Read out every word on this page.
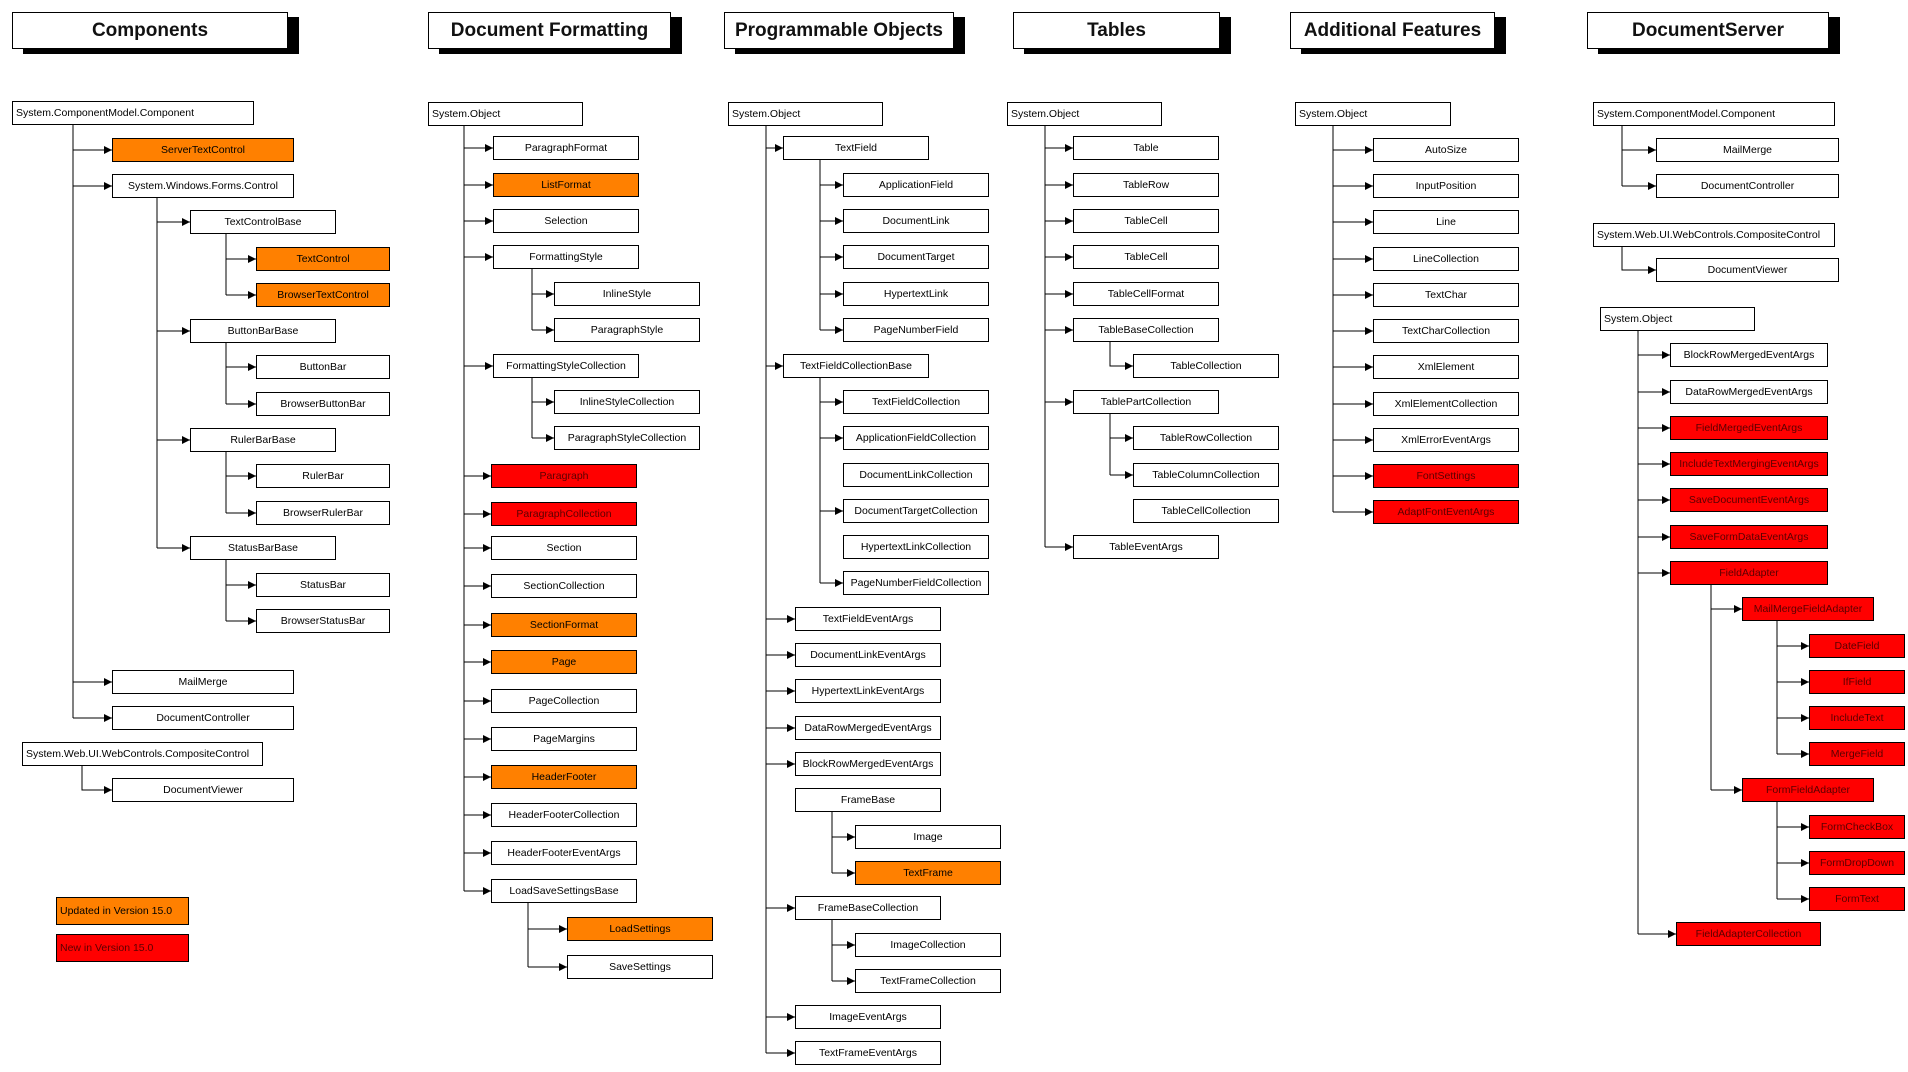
Components	Document Formatting	Programmable Objects	Tables	Additional Features	DocumentServer
System.ComponentModel.Component
ServerTextControl
System.Windows.Forms.Control
TextControlBase
TextControl
BrowserTextControl
ButtonBarBase
ButtonBar
BrowserButtonBar
RulerBarBase
RulerBar
BrowserRulerBar
StatusBarBase
StatusBar
BrowserStatusBar
MailMerge
DocumentController
System.Web.UI.WebControls.CompositeControl
DocumentViewer
Updated in Version 15.0
New in Version 15.0
System.Object
ParagraphFormat
ListFormat
Selection
FormattingStyle
InlineStyle
ParagraphStyle
FormattingStyleCollection
InlineStyleCollection
ParagraphStyleCollection
Paragraph
ParagraphCollection
Section
SectionCollection
SectionFormat
Page
PageCollection
PageMargins
HeaderFooter
HeaderFooterCollection
HeaderFooterEventArgs
LoadSaveSettingsBase
LoadSettings
SaveSettings
System.Object
TextField
ApplicationField
DocumentLink
DocumentTarget
HypertextLink
PageNumberField
TextFieldCollectionBase
TextFieldCollection
ApplicationFieldCollection
DocumentLinkCollection
DocumentTargetCollection
HypertextLinkCollection
PageNumberFieldCollection
TextFieldEventArgs
DocumentLinkEventArgs
HypertextLinkEventArgs
DataRowMergedEventArgs
BlockRowMergedEventArgs
FrameBase
Image
TextFrame
FrameBaseCollection
ImageCollection
TextFrameCollection
ImageEventArgs
TextFrameEventArgs
System.Object
Table
TableRow
TableCell
TableCell
TableCellFormat
TableBaseCollection
TableCollection
TablePartCollection
TableRowCollection
TableColumnCollection
TableCellCollection
TableEventArgs
System.Object
AutoSize
InputPosition
Line
LineCollection
TextChar
TextCharCollection
XmlElement
XmlElementCollection
XmlErrorEventArgs
FontSettings
AdaptFontEventArgs
System.ComponentModel.Component
MailMerge
DocumentController
System.Web.UI.WebControls.CompositeControl
DocumentViewer
System.Object
BlockRowMergedEventArgs
DataRowMergedEventArgs
FieldMergedEventArgs
IncludeTextMergingEventArgs
SaveDocumentEventArgs
SaveFormDataEventArgs
FieldAdapter
MailMergeFieldAdapter
DateField
IfField
IncludeText
MergeField
FormFieldAdapter
FormCheckBox
FormDropDown
FormText
FieldAdapterCollection
